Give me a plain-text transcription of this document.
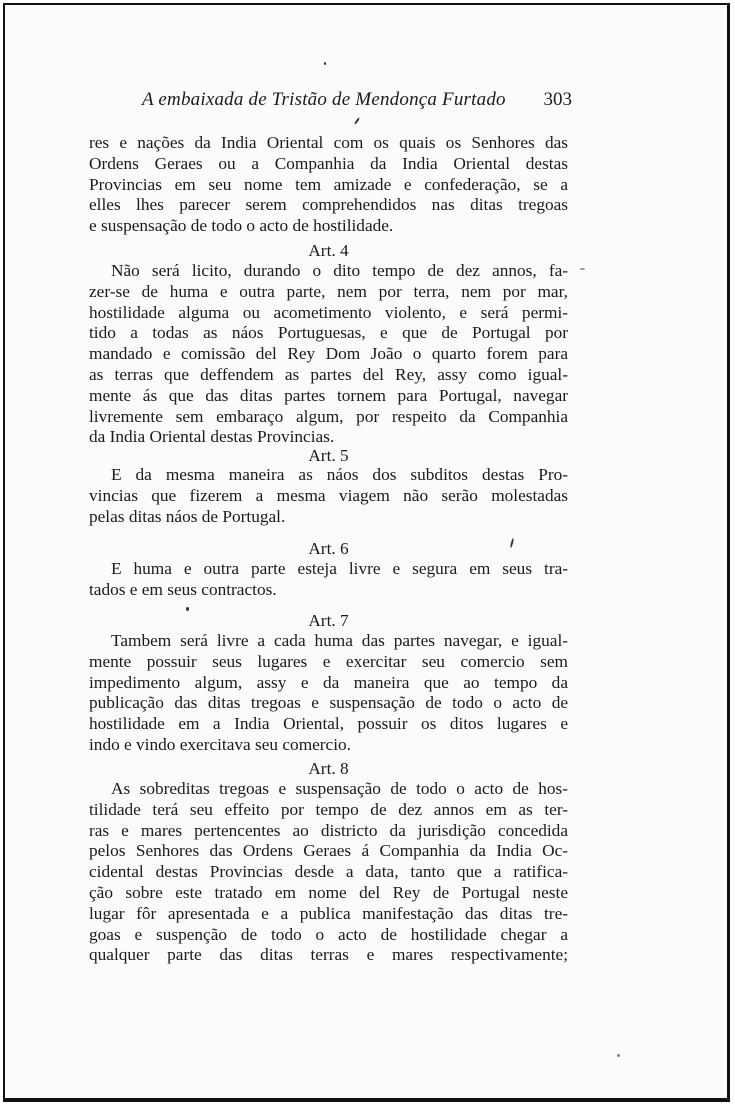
A embaixada de Tristão de Mendonça Furtado 303
res e nações da India Oriental com os quais os Senhores das
Ordens Geraes ou a Companhia da India Oriental destas
Provincias em seu nome tem amizade e confederação, se a
elles lhes parecer serem comprehendidos nas ditas tregoas
e suspensação de todo o acto de hostilidade.
Art. 4
Não será licito, durando o dito tempo de dez annos, fa-
zer-se de huma e outra parte, nem por terra, nem por mar,
hostilidade alguma ou acometimento violento, e será permi-
tido a todas as náos Portuguesas, e que de Portugal por
mandado e comissão del Rey Dom João o quarto forem para
as terras que deffendem as partes del Rey, assy como igual-
mente ás que das ditas partes tornem para Portugal, navegar
livremente sem embaraço algum, por respeito da Companhia
da India Oriental destas Provincias.
Art. 5
E da mesma maneira as náos dos subditos destas Pro-
vincias que fizerem a mesma viagem não serão molestadas
pelas ditas náos de Portugal.
Art. 6
E huma e outra parte esteja livre e segura em seus tra-
tados e em seus contractos.
Art. 7
Tambem será livre a cada huma das partes navegar, e igual-
mente possuir seus lugares e exercitar seu comercio sem
impedimento algum, assy e da maneira que ao tempo da
publicação das ditas tregoas e suspensação de todo o acto de
hostilidade em a India Oriental, possuir os ditos lugares e
indo e vindo exercitava seu comercio.
Art. 8
As sobreditas tregoas e suspensação de todo o acto de hos-
tilidade terá seu effeito por tempo de dez annos em as ter-
ras e mares pertencentes ao districto da jurisdição concedida
pelos Senhores das Ordens Geraes á Companhia da India Oc-
cidental destas Provincias desde a data, tanto que a ratifica-
ção sobre este tratado em nome del Rey de Portugal neste
lugar fôr apresentada e a publica manifestação das ditas tre-
goas e suspenção de todo o acto de hostilidade chegar a
qualquer parte das ditas terras e mares respectivamente;
